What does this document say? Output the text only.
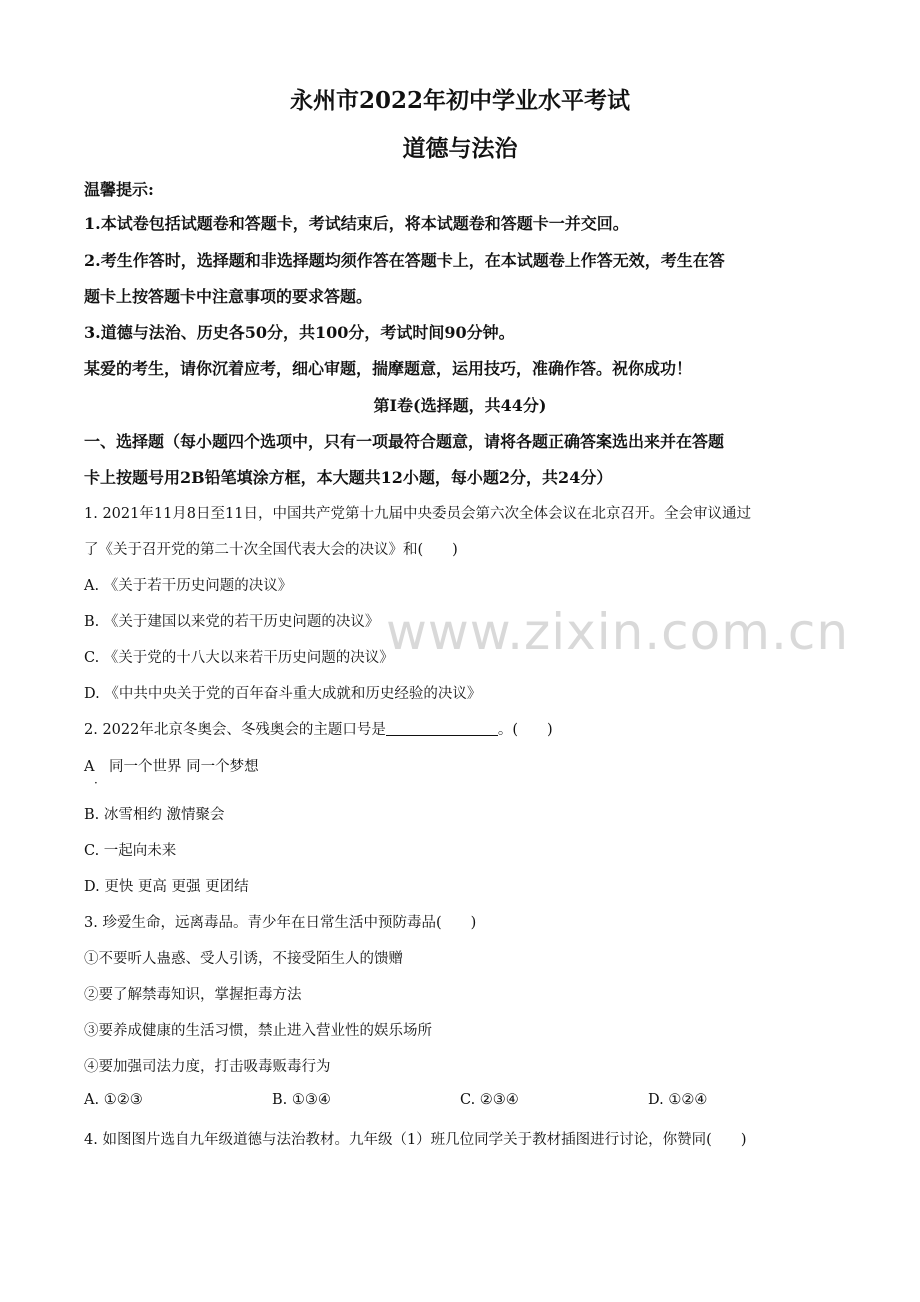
永州市2022年初中学业水平考试
道德与法治
温馨提示:
1.本试卷包括试题卷和答题卡，考试结束后，将本试题卷和答题卡一并交回。
2.考生作答时，选择题和非选择题均须作答在答题卡上，在本试题卷上作答无效，考生在答
题卡上按答题卡中注意事项的要求答题。
3.道德与法治、历史各50分，共100分，考试时间90分钟。
某爱的考生，请你沉着应考，细心审题，揣摩题意，运用技巧，准确作答。祝你成功！
第Ⅰ卷(选择题，共44分)
一、选择题（每小题四个选项中，只有一项最符合题意，请将各题正确答案选出来并在答题
卡上按题号用2B铅笔填涂方框，本大题共12小题，每小题2分，共24分）
1. 2021年11月8日至11日，中国共产党第十九届中央委员会第六次全体会议在北京召开。全会审议通过
了《关于召开党的第二十次全国代表大会的决议》和(　　)
A. 《关于若干历史问题的决议》
B. 《关于建国以来党的若干历史问题的决议》
C. 《关于党的十八大以来若干历史问题的决议》
D. 《中共中央关于党的百年奋斗重大成就和历史经验的决议》
2. 2022年北京冬奥会、冬残奥会的主题口号是	。(　　)
A　同一个世界 同一个梦想
·
B. 冰雪相约 激情聚会
C. 一起向未来
D. 更快 更高 更强 更团结
3. 珍爱生命，远离毒品。青少年在日常生活中预防毒品(　　)
①不要听人蛊惑、受人引诱，不接受陌生人的馈赠
②要了解禁毒知识，掌握拒毒方法
③要养成健康的生活习惯，禁止进入营业性的娱乐场所
④要加强司法力度，打击吸毒贩毒行为
A. ①②③	B. ①③④	C. ②③④	D. ①②④
4. 如图图片选自九年级道德与法治教材。九年级（1）班几位同学关于教材插图进行讨论，你赞同(　　)
www.zixin.com.cn
